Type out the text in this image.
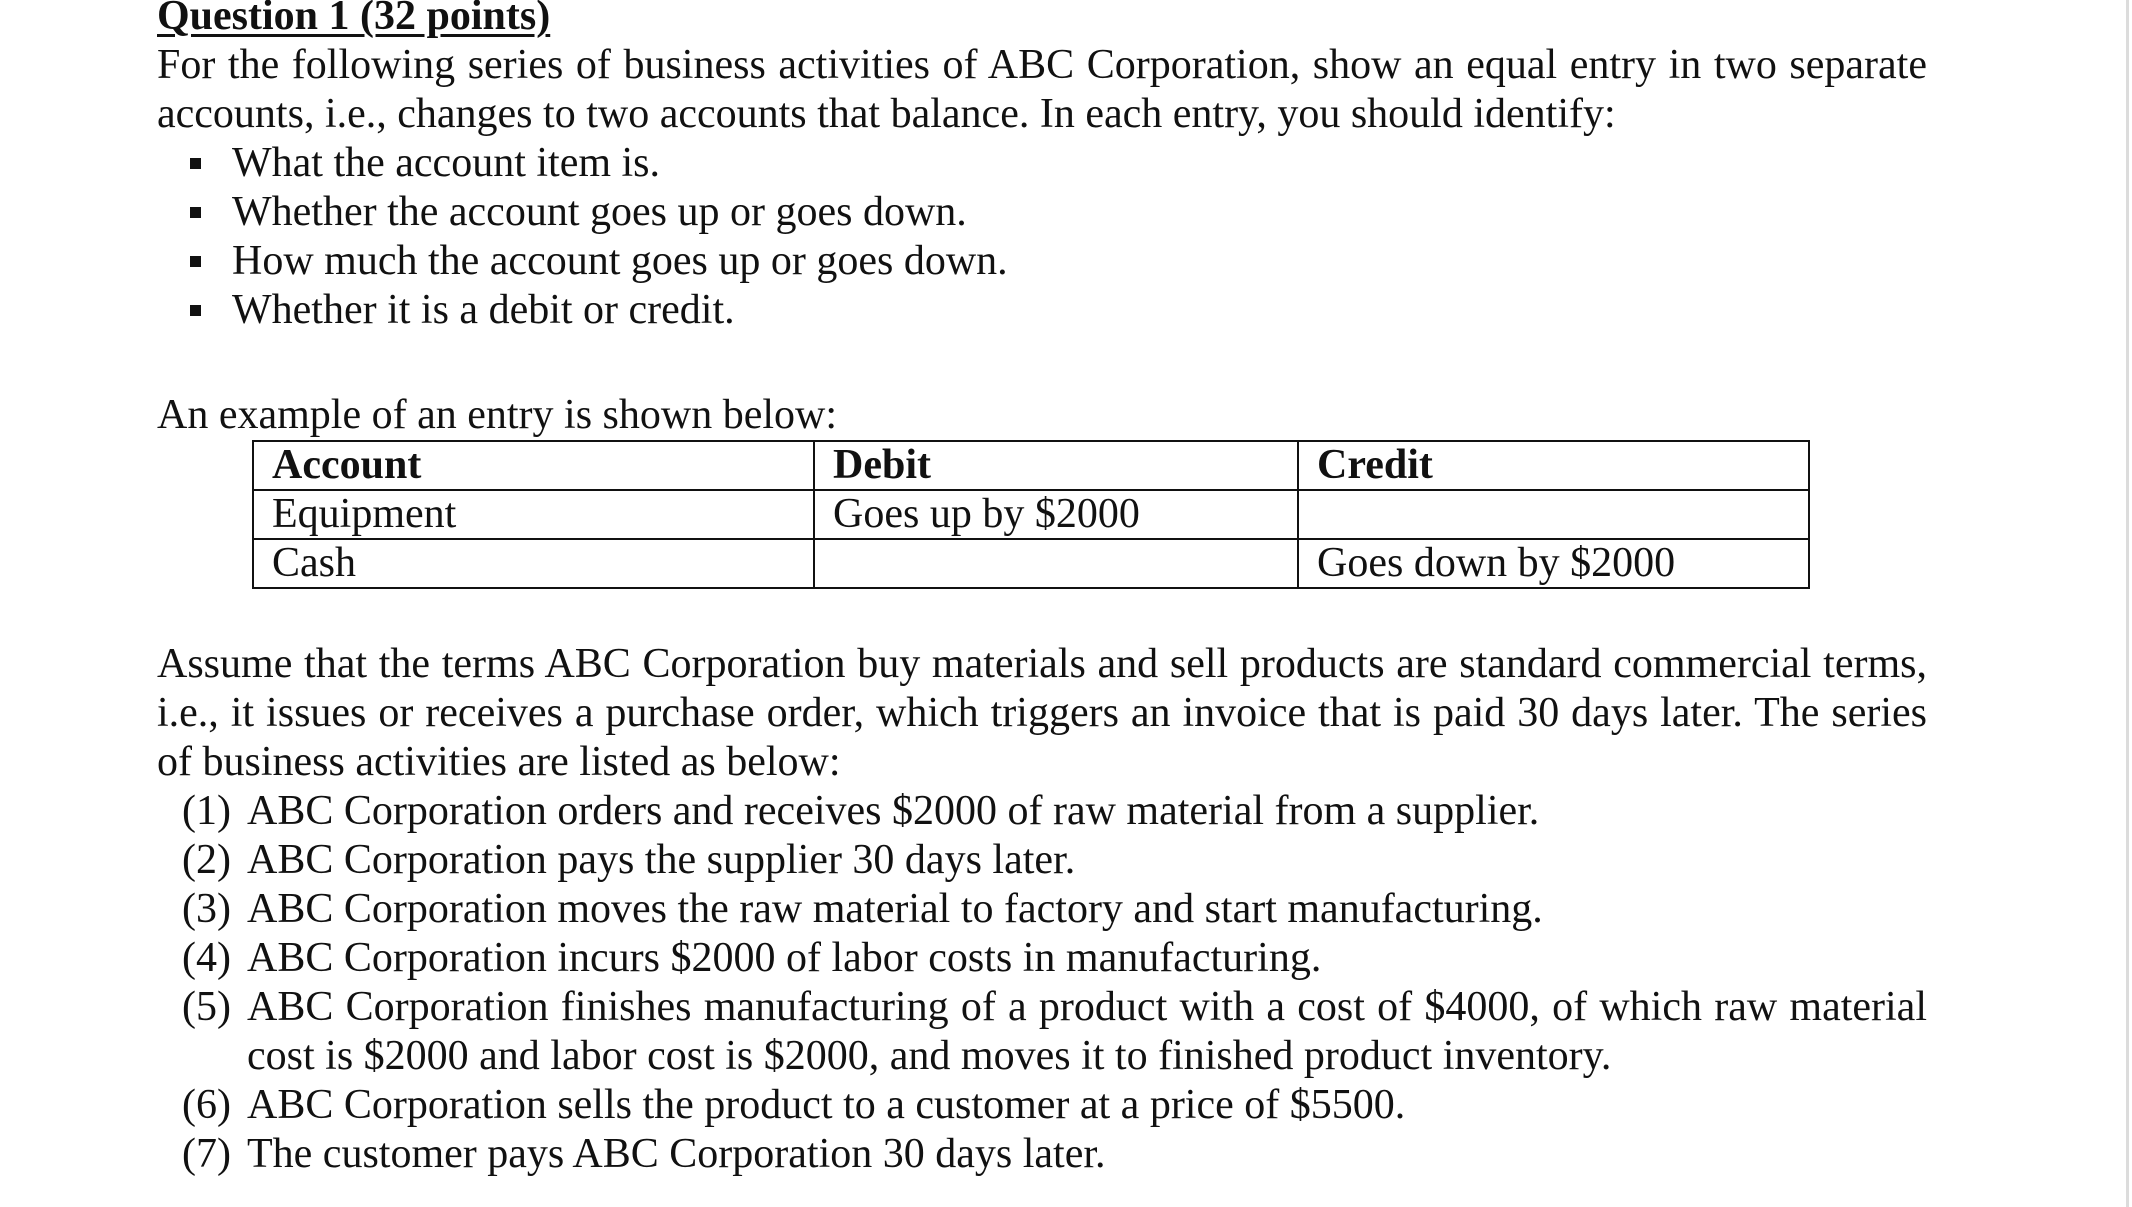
Question 1 (32 points)
For the following series of business activities of ABC Corporation, show an equal entry in two separate accounts, i.e., changes to two accounts that balance. In each entry, you should identify:
What the account item is.
Whether the account goes up or goes down.
How much the account goes up or goes down.
Whether it is a debit or credit.
An example of an entry is shown below:
Account	Debit	Credit
Equipment	Goes up by $2000	
Cash		Goes down by $2000
Assume that the terms ABC Corporation buy materials and sell products are standard commercial terms, i.e., it issues or receives a purchase order, which triggers an invoice that is paid 30 days later. The series of business activities are listed as below:
(1) ABC Corporation orders and receives $2000 of raw material from a supplier.
(2) ABC Corporation pays the supplier 30 days later.
(3) ABC Corporation moves the raw material to factory and start manufacturing.
(4) ABC Corporation incurs $2000 of labor costs in manufacturing.
(5) ABC Corporation finishes manufacturing of a product with a cost of $4000, of which raw material cost is $2000 and labor cost is $2000, and moves it to finished product inventory.
(6) ABC Corporation sells the product to a customer at a price of $5500.
(7) The customer pays ABC Corporation 30 days later.
